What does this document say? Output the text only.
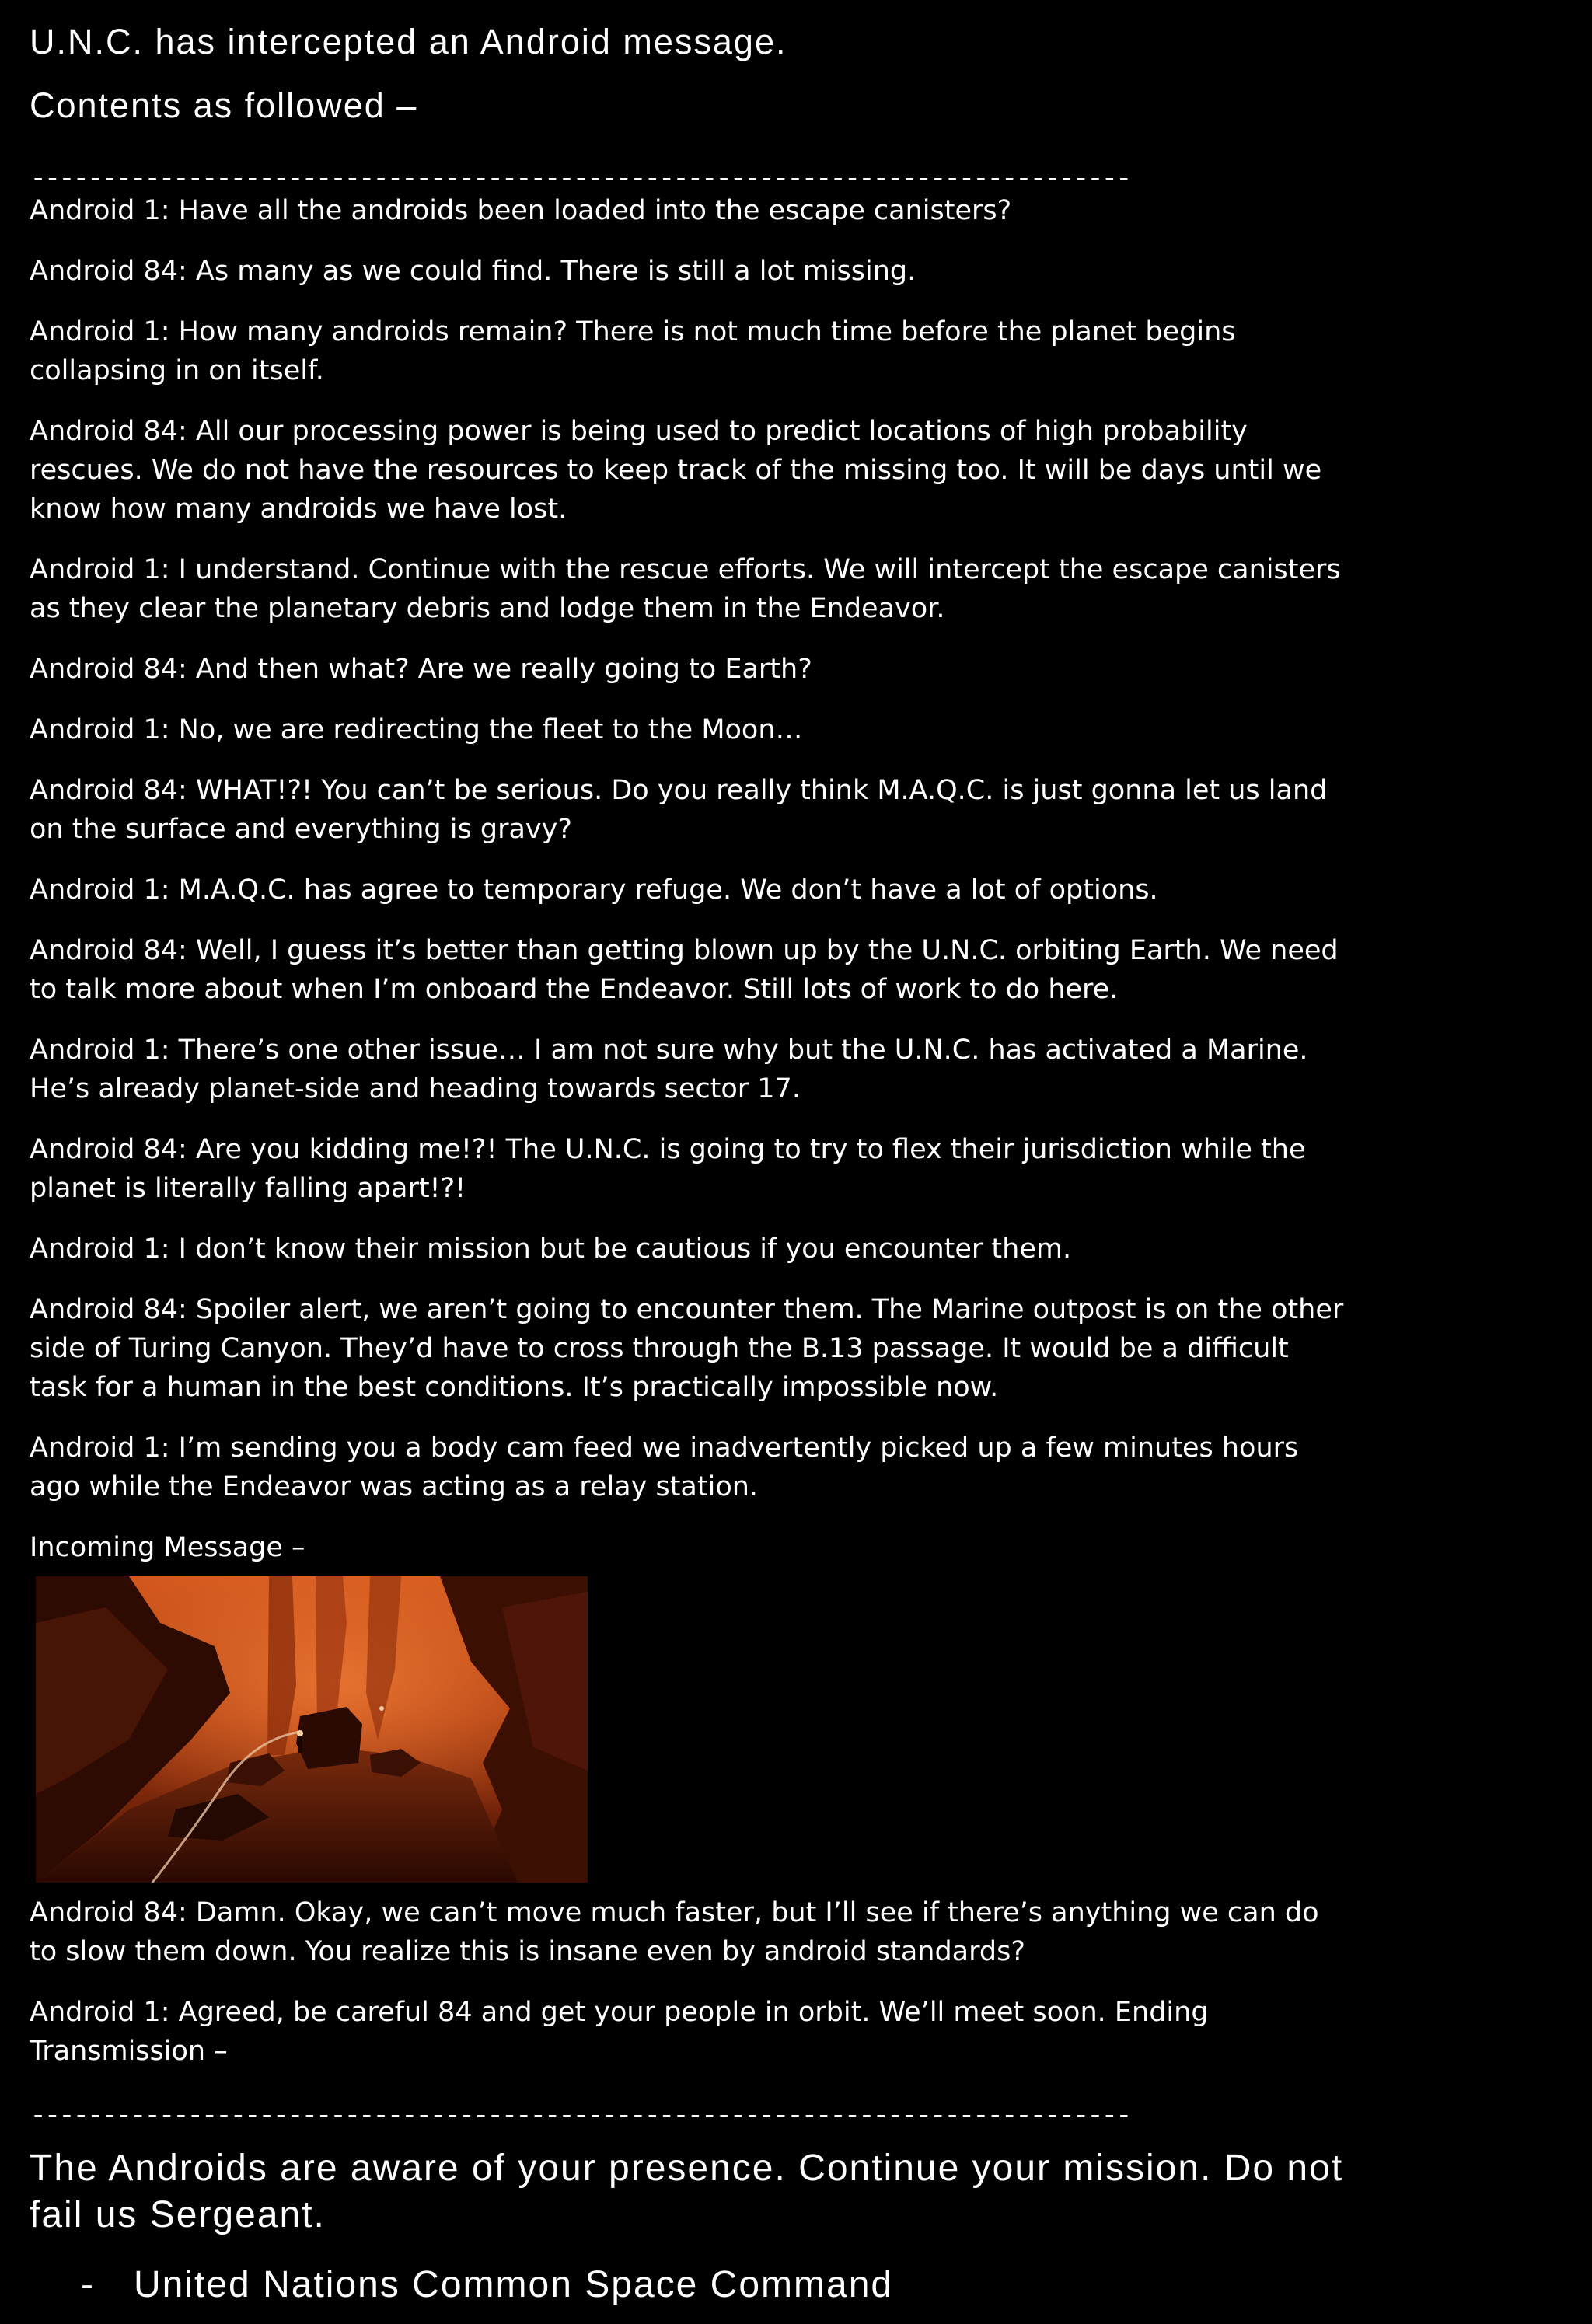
U.N.C. has intercepted an Android message.
Contents as followed –
-----------------------------------------------------------------------------

Android 1: Have all the androids been loaded into the escape canisters?

Android 84: As many as we could find. There is still a lot missing.

Android 1: How many androids remain? There is not much time before the planet begins collapsing in on itself.

Android 84: All our processing power is being used to predict locations of high probability rescues. We do not have the resources to keep track of the missing too. It will be days until we know how many androids we have lost.

Android 1: I understand. Continue with the rescue efforts. We will intercept the escape canisters as they clear the planetary debris and lodge them in the Endeavor.

Android 84: And then what? Are we really going to Earth?

Android 1: No, we are redirecting the fleet to the Moon…

Android 84: WHAT!?! You can’t be serious. Do you really think M.A.Q.C. is just gonna let us land on the surface and everything is gravy?

Android 1: M.A.Q.C. has agree to temporary refuge. We don’t have a lot of options.

Android 84: Well, I guess it’s better than getting blown up by the U.N.C. orbiting Earth. We need to talk more about when I’m onboard the Endeavor. Still lots of work to do here.

Android 1: There’s one other issue… I am not sure why but the U.N.C. has activated a Marine. He’s already planet-side and heading towards sector 17.

Android 84: Are you kidding me!?! The U.N.C. is going to try to flex their jurisdiction while the planet is literally falling apart!?!

Android 1: I don’t know their mission but be cautious if you encounter them.

Android 84: Spoiler alert, we aren’t going to encounter them. The Marine outpost is on the other side of Turing Canyon. They’d have to cross through the B.13 passage. It would be a difficult task for a human in the best conditions. It’s practically impossible now.

Android 1: I’m sending you a body cam feed we inadvertently picked up a few minutes hours ago while the Endeavor was acting as a relay station.

Incoming Message –

Android 84: Damn. Okay, we can’t move much faster, but I’ll see if there’s anything we can do to slow them down. You realize this is insane even by android standards?

Android 1: Agreed, be careful 84 and get your people in orbit. We’ll meet soon. Ending Transmission –

-----------------------------------------------------------------------------

The Androids are aware of your presence. Continue your mission. Do not fail us Sergeant.

- United Nations Common Space Command
